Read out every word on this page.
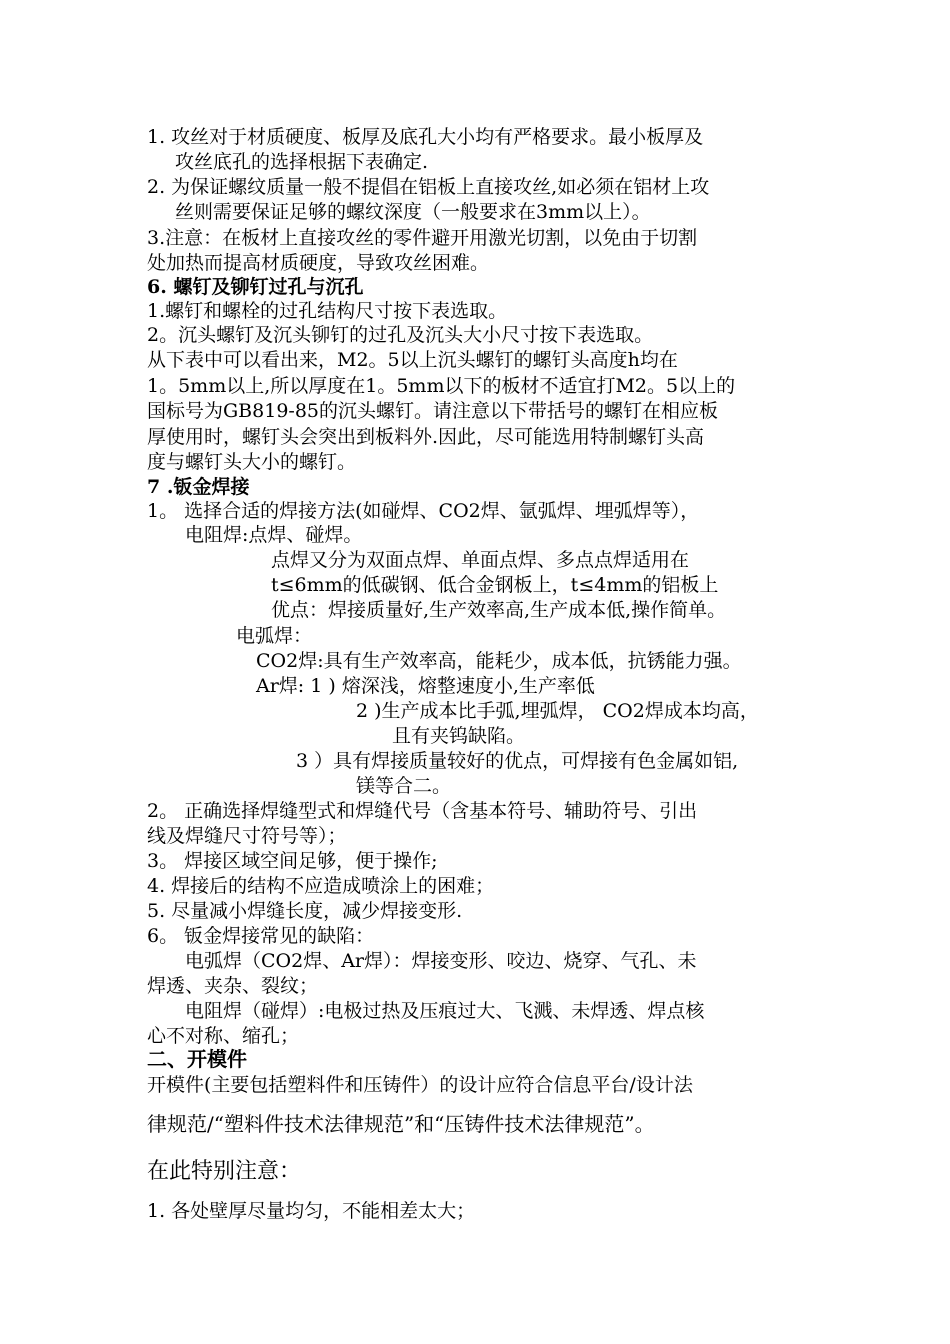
1. 攻丝对于材质硬度、板厚及底孔大小均有严格要求。最小板厚及
攻丝底孔的选择根据下表确定.
2. 为保证螺纹质量一般不提倡在铝板上直接攻丝,如必须在铝材上攻
丝则需要保证足够的螺纹深度（一般要求在3mm以上）。
3.注意：在板材上直接攻丝的零件避开用激光切割，以免由于切割
处加热而提高材质硬度，导致攻丝困难。
6. 螺钉及铆钉过孔与沉孔
1.螺钉和螺栓的过孔结构尺寸按下表选取。
2。沉头螺钉及沉头铆钉的过孔及沉头大小尺寸按下表选取。
从下表中可以看出来，M2。5以上沉头螺钉的螺钉头高度h均在
1。5mm以上,所以厚度在1。5mm以下的板材不适宜打M2。5以上的
国标号为GB819-85的沉头螺钉。请注意以下带括号的螺钉在相应板
厚使用时，螺钉头会突出到板料外.因此，尽可能选用特制螺钉头高
度与螺钉头大小的螺钉。
7 .钣金焊接
1。 选择合适的焊接方法(如碰焊、CO2焊、氩弧焊、埋弧焊等），
电阻焊:点焊、碰焊。
点焊又分为双面点焊、单面点焊、多点点焊适用在
t≤6mm的低碳钢、低合金钢板上，t≤4mm的铝板上
优点：焊接质量好,生产效率高,生产成本低,操作简单。
电弧焊：
CO2焊:具有生产效率高，能耗少，成本低，抗锈能力强。
Ar焊: 1 ) 熔深浅，熔整速度小,生产率低
2 )生产成本比手弧,埋弧焊， CO2焊成本均高，
且有夹钨缺陷。
3 ）具有焊接质量较好的优点，可焊接有色金属如铝,
镁等合二。
2。 正确选择焊缝型式和焊缝代号（含基本符号、辅助符号、引出
线及焊缝尺寸符号等）；
3。 焊接区域空间足够，便于操作;
4. 焊接后的结构不应造成喷涂上的困难；
5. 尽量减小焊缝长度，减少焊接变形.
6。 钣金焊接常见的缺陷：
电弧焊（CO2焊、Ar焊）：焊接变形、咬边、烧穿、气孔、未
焊透、夹杂、裂纹；
电阻焊（碰焊）:电极过热及压痕过大、飞溅、未焊透、焊点核
心不对称、缩孔；
二、开模件
开模件(主要包括塑料件和压铸件）的设计应符合信息平台/设计法
律规范/“塑料件技术法律规范”和“压铸件技术法律规范”。
在此特别注意：
1. 各处壁厚尽量均匀，不能相差太大；
